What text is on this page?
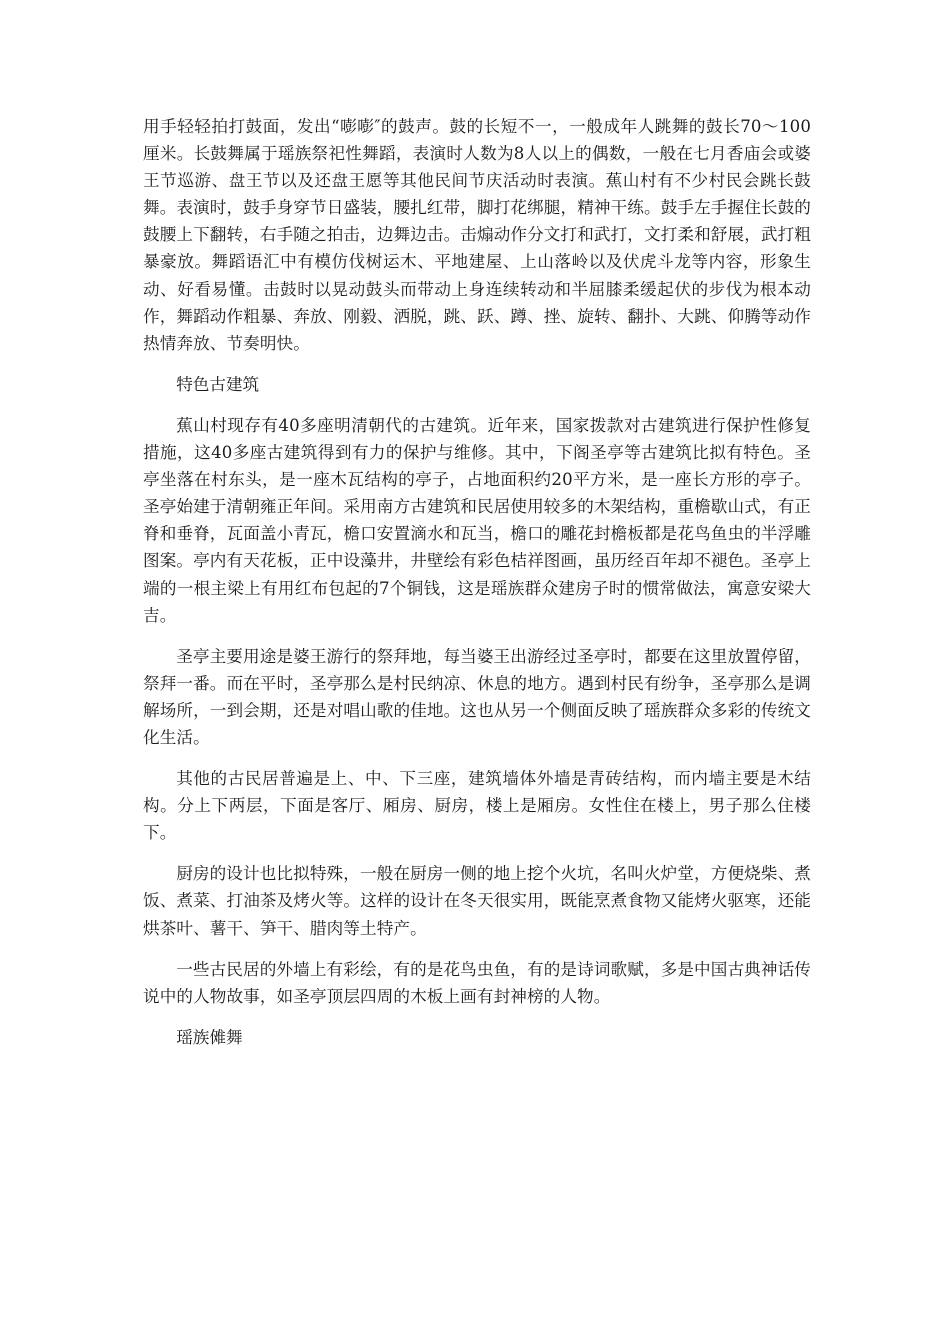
用手轻轻拍打鼓面，发出“嘭嘭″的鼓声。鼓的长短不一，一般成年人跳舞的鼓长70～100厘米。长鼓舞属于瑶族祭祀性舞蹈，表演时人数为8人以上的偶数，一般在七月香庙会或婆王节巡游、盘王节以及还盘王愿等其他民间节庆活动时表演。蕉山村有不少村民会跳长鼓舞。表演时，鼓手身穿节日盛装，腰扎红带，脚打花绑腿，精神干练。鼓手左手握住长鼓的鼓腰上下翻转，右手随之拍击，边舞边击。击煽动作分文打和武打，文打柔和舒展，武打粗暴豪放。舞蹈语汇中有模仿伐树运木、平地建屋、上山落岭以及伏虎斗龙等内容，形象生动、好看易懂。击鼓时以晃动鼓头而带动上身连续转动和半屈膝柔缓起伏的步伐为根本动作，舞蹈动作粗暴、奔放、刚毅、洒脱，跳、跃、蹲、挫、旋转、翻扑、大跳、仰腾等动作热情奔放、节奏明快。

特色古建筑

蕉山村现存有40多座明清朝代的古建筑。近年来，国家拨款对古建筑进行保护性修复措施，这40多座古建筑得到有力的保护与维修。其中，下阁圣亭等古建筑比拟有特色。圣亭坐落在村东头，是一座木瓦结构的亭子，占地面积约20平方米，是一座长方形的亭子。圣亭始建于清朝雍正年间。采用南方古建筑和民居使用较多的木架结构，重檐歇山式，有正脊和垂脊，瓦面盖小青瓦，檐口安置滴水和瓦当，檐口的雕花封檐板都是花鸟鱼虫的半浮雕图案。亭内有天花板，正中设藻井，井壁绘有彩色桔祥图画，虽历经百年却不褪色。圣亭上端的一根主梁上有用红布包起的7个铜钱，这是瑶族群众建房子时的惯常做法，寓意安梁大吉。

圣亭主要用途是婆王游行的祭拜地，每当婆王出游经过圣亭时，都要在这里放置停留，祭拜一番。而在平时，圣亭那么是村民纳凉、休息的地方。遇到村民有纷争，圣亭那么是调解场所，一到会期，还是对唱山歌的佳地。这也从另一个侧面反映了瑶族群众多彩的传统文化生活。

其他的古民居普遍是上、中、下三座，建筑墙体外墙是青砖结构，而内墙主要是木结构。分上下两层，下面是客厅、厢房、厨房，楼上是厢房。女性住在楼上，男子那么住楼下。

厨房的设计也比拟特殊，一般在厨房一侧的地上挖个火坑，名叫火炉堂，方便烧柴、煮饭、煮菜、打油茶及烤火等。这样的设计在冬天很实用，既能烹煮食物又能烤火驱寒，还能烘茶叶、薯干、笋干、腊肉等土特产。

一些古民居的外墙上有彩绘，有的是花鸟虫鱼，有的是诗词歌赋，多是中国古典神话传说中的人物故事，如圣亭顶层四周的木板上画有封神榜的人物。

瑶族傩舞
